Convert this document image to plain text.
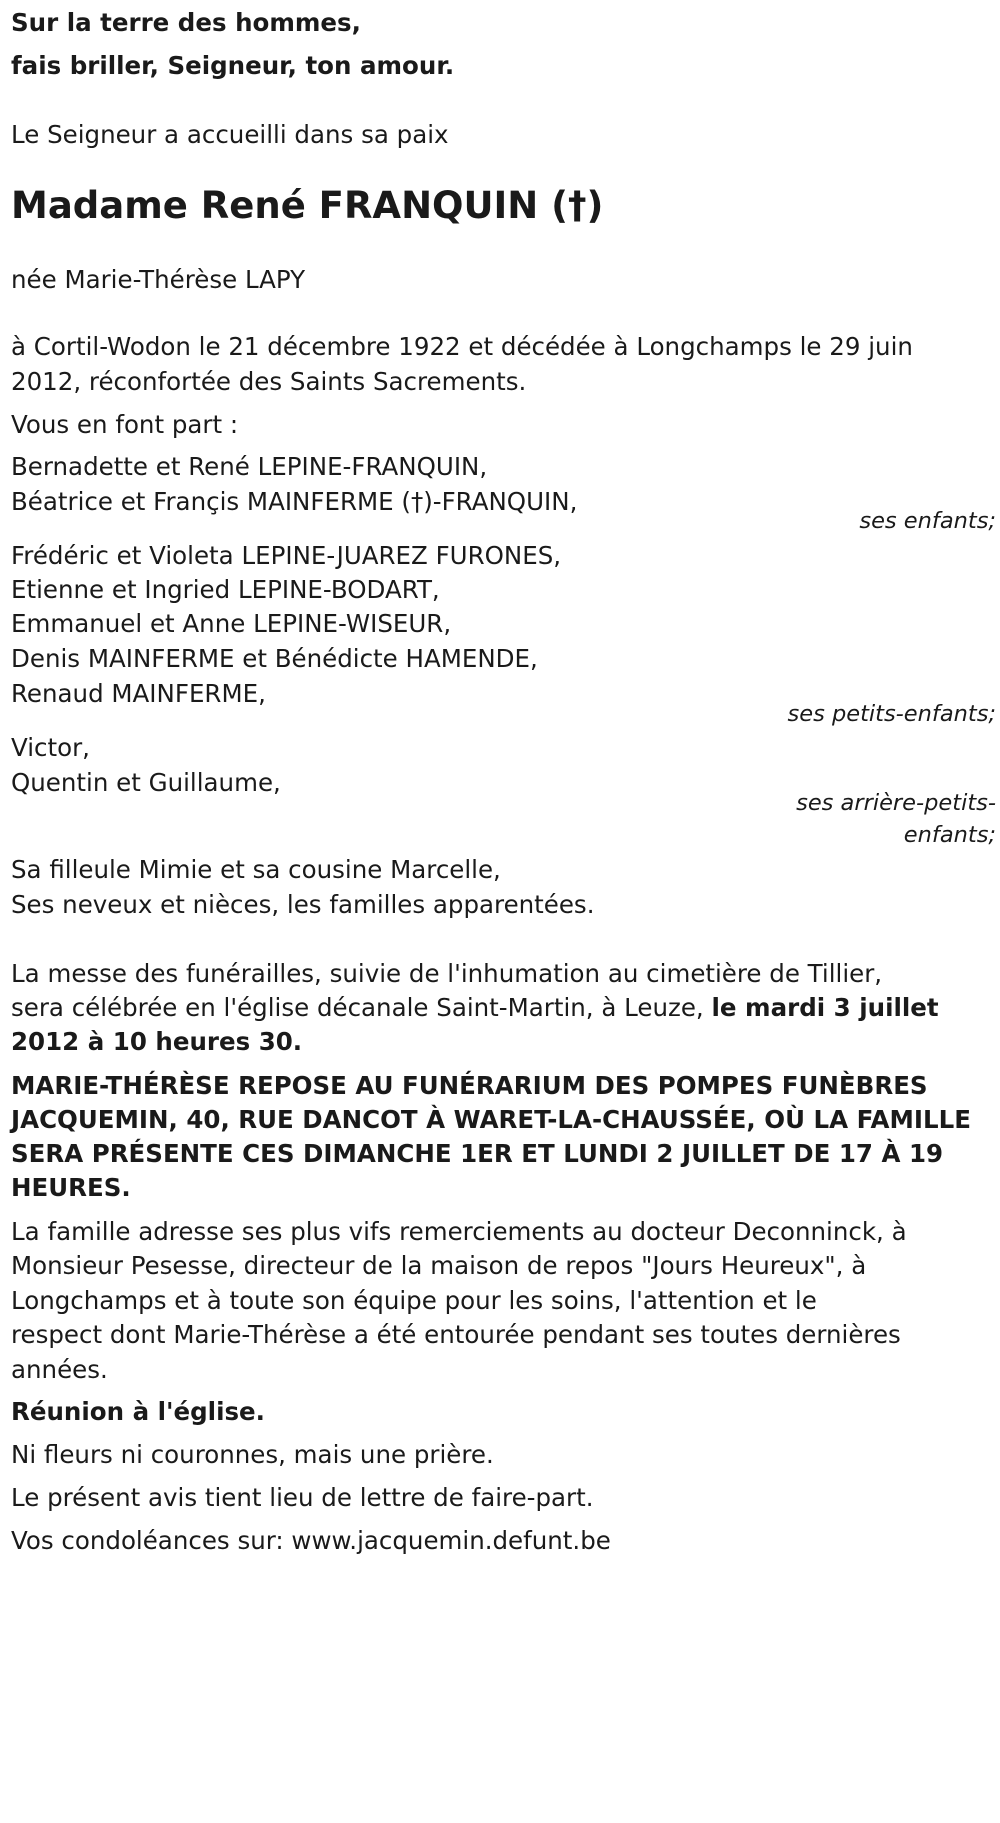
Sur la terre des hommes,

fais briller, Seigneur, ton amour.

Le Seigneur a accueilli dans sa paix

Madame René FRANQUIN (†)

née Marie-Thérèse LAPY

à Cortil-Wodon le 21 décembre 1922 et décédée à Longchamps le 29 juin

2012, réconfortée des Saints Sacrements.

Vous en font part :

Bernadette et René LEPINE-FRANQUIN,

Béatrice et Françis MAINFERME (†)-FRANQUIN,

ses enfants;

Frédéric et Violeta LEPINE-JUAREZ FURONES,

Etienne et Ingried LEPINE-BODART,

Emmanuel et Anne LEPINE-WISEUR,

Denis MAINFERME et Bénédicte HAMENDE,

Renaud MAINFERME,

ses petits-enfants;

Victor,

Quentin et Guillaume,

ses arrière-petits-

enfants;

Sa filleule Mimie et sa cousine Marcelle,

Ses neveux et nièces, les familles apparentées.

La messe des funérailles, suivie de l'inhumation au cimetière de Tillier,

sera célébrée en l'église décanale Saint-Martin, à Leuze, le mardi 3 juillet

2012 à 10 heures 30.

MARIE-THÉRÈSE REPOSE AU FUNÉRARIUM DES POMPES FUNÈBRES

JACQUEMIN, 40, RUE DANCOT À WARET-LA-CHAUSSÉE, OÙ LA FAMILLE

SERA PRÉSENTE CES DIMANCHE 1ER ET LUNDI 2 JUILLET DE 17 À 19

HEURES.

La famille adresse ses plus vifs remerciements au docteur Deconninck, à

Monsieur Pesesse, directeur de la maison de repos "Jours Heureux", à

Longchamps et à toute son équipe pour les soins, l'attention et le

respect dont Marie-Thérèse a été entourée pendant ses toutes dernières

années.

Réunion à l'église.

Ni fleurs ni couronnes, mais une prière.

Le présent avis tient lieu de lettre de faire-part.

Vos condoléances sur: www.jacquemin.defunt.be
